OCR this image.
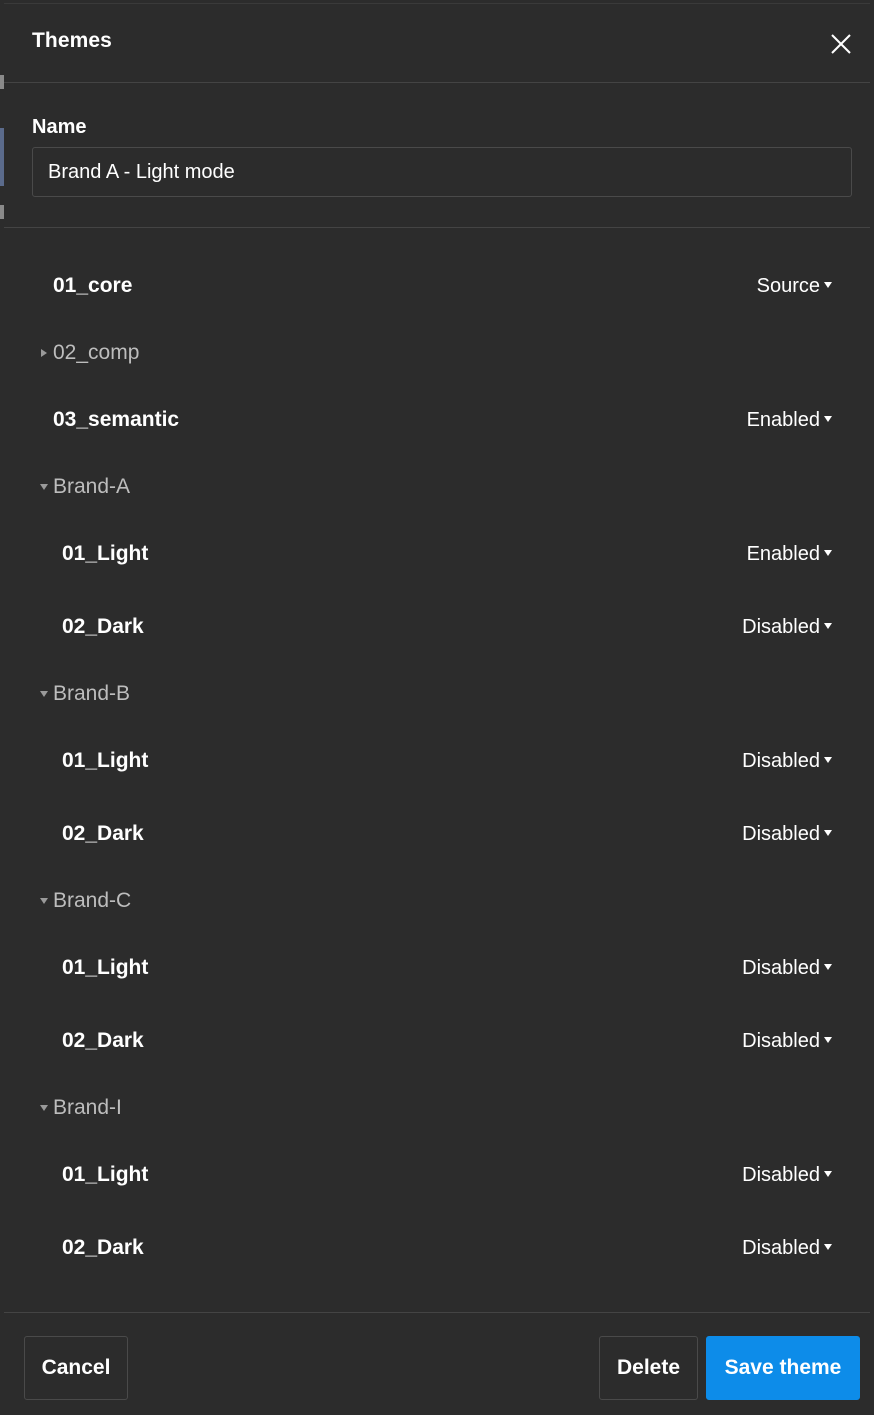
Themes
Name
Brand A - Light mode
01_core	Source
02_comp
03_semantic	Enabled
Brand-A
01_Light	Enabled
02_Dark	Disabled
Brand-B
01_Light	Disabled
02_Dark	Disabled
Brand-C
01_Light	Disabled
02_Dark	Disabled
Brand-I
01_Light	Disabled
02_Dark	Disabled
Cancel	Delete	Save theme
